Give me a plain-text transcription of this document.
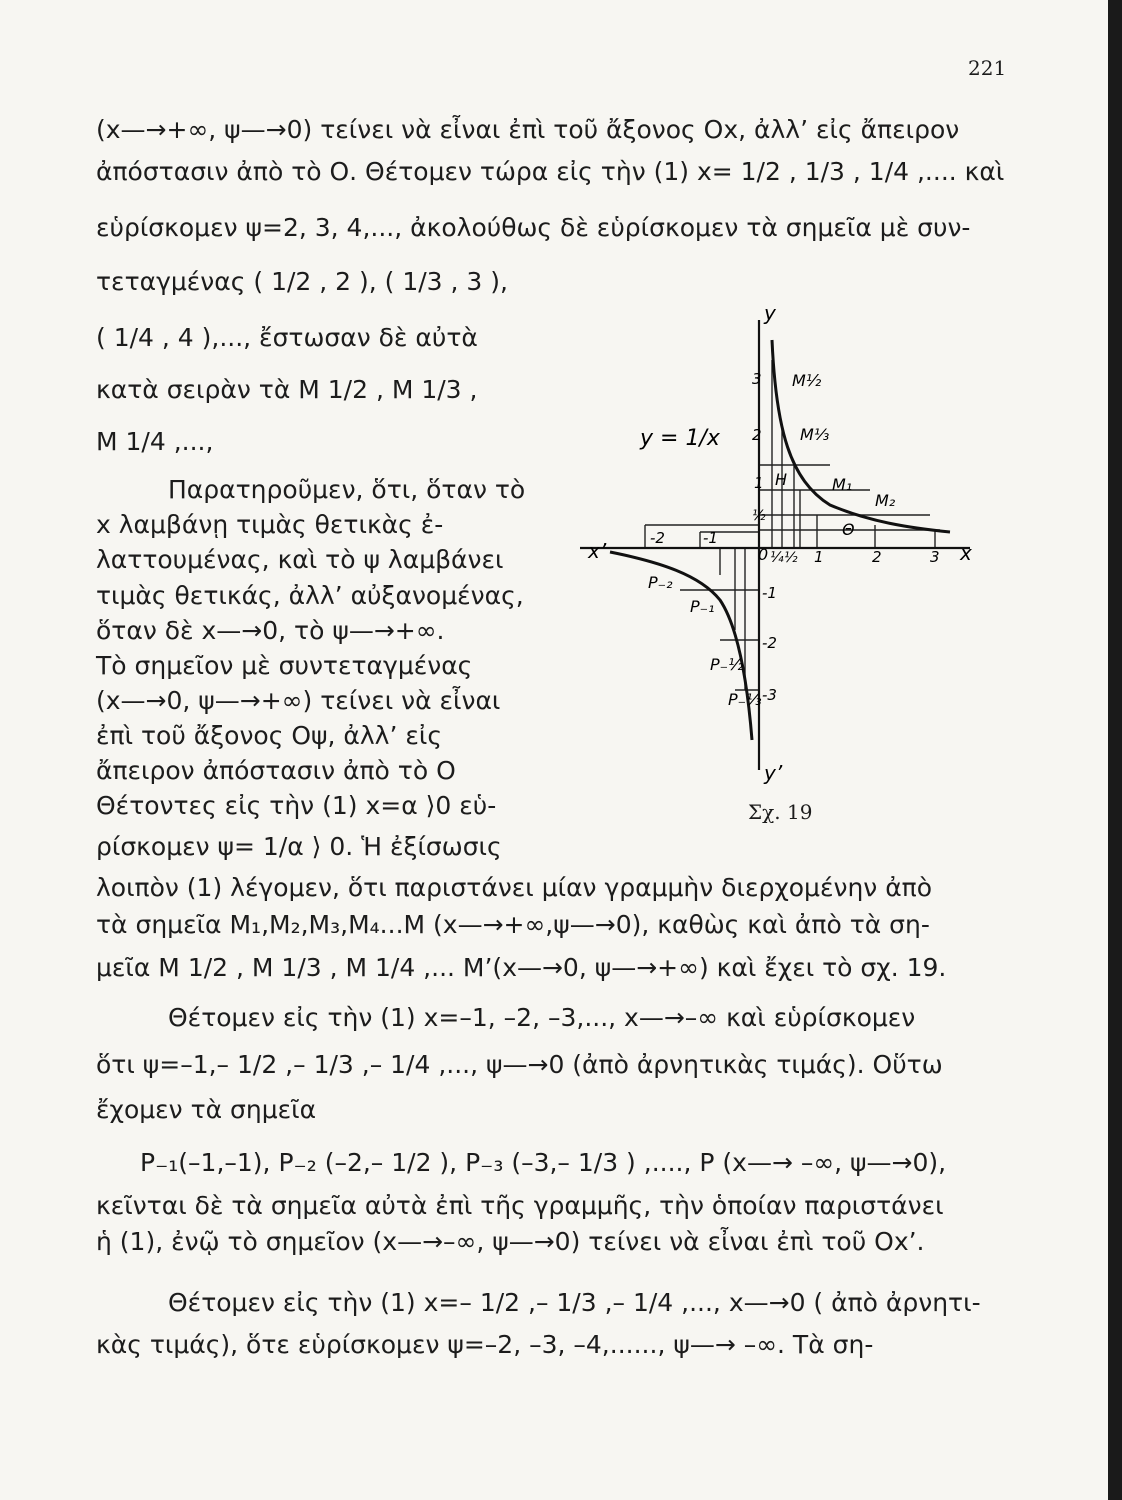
221
(x—→+∞, ψ—→0) τείνει νὰ εἶναι ἐπὶ τοῦ ἄξονος Οx, ἀλλ’ εἰς ἄπειρον
ἀπόστασιν ἀπὸ τὸ Ο. Θέτομεν τώρα εἰς τὴν (1) x= 1/2 , 1/3 , 1/4 ,.... καὶ
εὑρίσκομεν ψ=2, 3, 4,..., ἀκολούθως δὲ εὑρίσκομεν τὰ σημεῖα μὲ συν-
τεταγμένας ( 1/2 , 2 ), ( 1/3 , 3 ),
( 1/4 , 4 ),..., ἔστωσαν δὲ αὐτὰ
κατὰ σειρὰν τὰ Μ 1/2 , Μ 1/3 ,
Μ 1/4 ,...,
Παρατηροῦμεν, ὅτι, ὅταν τὸ
x λαμβάνῃ τιμὰς θετικὰς ἐ-
λαττουμένας, καὶ τὸ ψ λαμβάνει
τιμὰς θετικάς, ἀλλ’ αὐξανομένας,
ὅταν δὲ x—→0, τὸ ψ—→+∞.
Τὸ σημεῖον μὲ συντεταγμένας
(x—→0, ψ—→+∞) τείνει νὰ εἶναι
ἐπὶ τοῦ ἄξονος Οψ, ἀλλ’ εἰς
ἄπειρον ἀπόστασιν ἀπὸ τὸ Ο
Θέτοντες εἰς τὴν (1) x=α ⟩0 εὑ-
ρίσκομεν ψ= 1/α ⟩ 0. Ἡ ἐξίσωσις
λοιπὸν (1) λέγομεν, ὅτι παριστάνει μίαν γραμμὴν διερχομένην ἀπὸ
τὰ σημεῖα Μ₁,Μ₂,Μ₃,Μ₄...Μ (x—→+∞,ψ—→0), καθὼς καὶ ἀπὸ τὰ ση-
μεῖα Μ 1/2 , Μ 1/3 , Μ 1/4 ,... Μ’(x—→0, ψ—→+∞) καὶ ἔχει τὸ σχ. 19.
Θέτομεν εἰς τὴν (1) x=–1, –2, –3,..., x—→–∞ καὶ εὑρίσκομεν
ὅτι ψ=–1,– 1/2 ,– 1/3 ,– 1/4 ,..., ψ—→0 (ἀπὸ ἀρνητικὰς τιμάς). Οὕτω
ἔχομεν τὰ σημεῖα
P₋₁(–1,–1), P₋₂ (–2,– 1/2 ), P₋₃ (–3,– 1/3 ) ,...., P (x—→ –∞, ψ—→0),
κεῖνται δὲ τὰ σημεῖα αὐτὰ ἐπὶ τῆς γραμμῆς, τὴν ὁποίαν παριστάνει
ἡ (1), ἐνῷ τὸ σημεῖον (x—→–∞, ψ—→0) τείνει νὰ εἶναι ἐπὶ τοῦ Οx’.
Θέτομεν εἰς τὴν (1) x=– 1/2 ,– 1/3 ,– 1/4 ,..., x—→0 ( ἀπὸ ἀρνητι-
κὰς τιμάς), ὅτε εὑρίσκομεν ψ=–2, –3, –4,......, ψ—→ –∞. Τὰ ση-
x’	x
y
y’
0
y = 1/x
-2	-1
¼ ½ 1	2	3
3
2
1
½
-1
-2
-3
M½
M⅓
H	M₁
M₂
Θ
P₋₂
P₋₁
P₋½
P₋⅓
Σχ. 19
